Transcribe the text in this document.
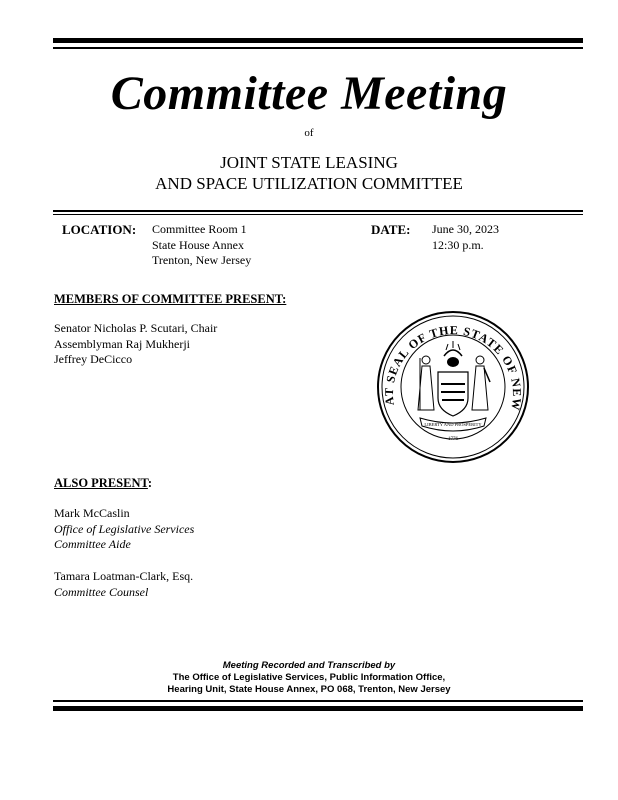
Committee Meeting
of
JOINT STATE LEASING
AND SPACE UTILIZATION COMMITTEE
LOCATION: Committee Room 1
State House Annex
Trenton, New Jersey
DATE: June 30, 2023
12:30 p.m.
MEMBERS OF COMMITTEE PRESENT:
Senator Nicholas P. Scutari, Chair
Assemblyman Raj Mukherji
Jeffrey DeCicco
AT SEAL OF THE STATE OF NEW
LIBERTY AND PROSPERITY
1776
ALSO PRESENT:
Mark McCaslin
Office of Legislative Services
Committee Aide
Tamara Loatman-Clark, Esq.
Committee Counsel
Meeting Recorded and Transcribed by
The Office of Legislative Services, Public Information Office,
Hearing Unit, State House Annex, PO 068, Trenton, New Jersey
